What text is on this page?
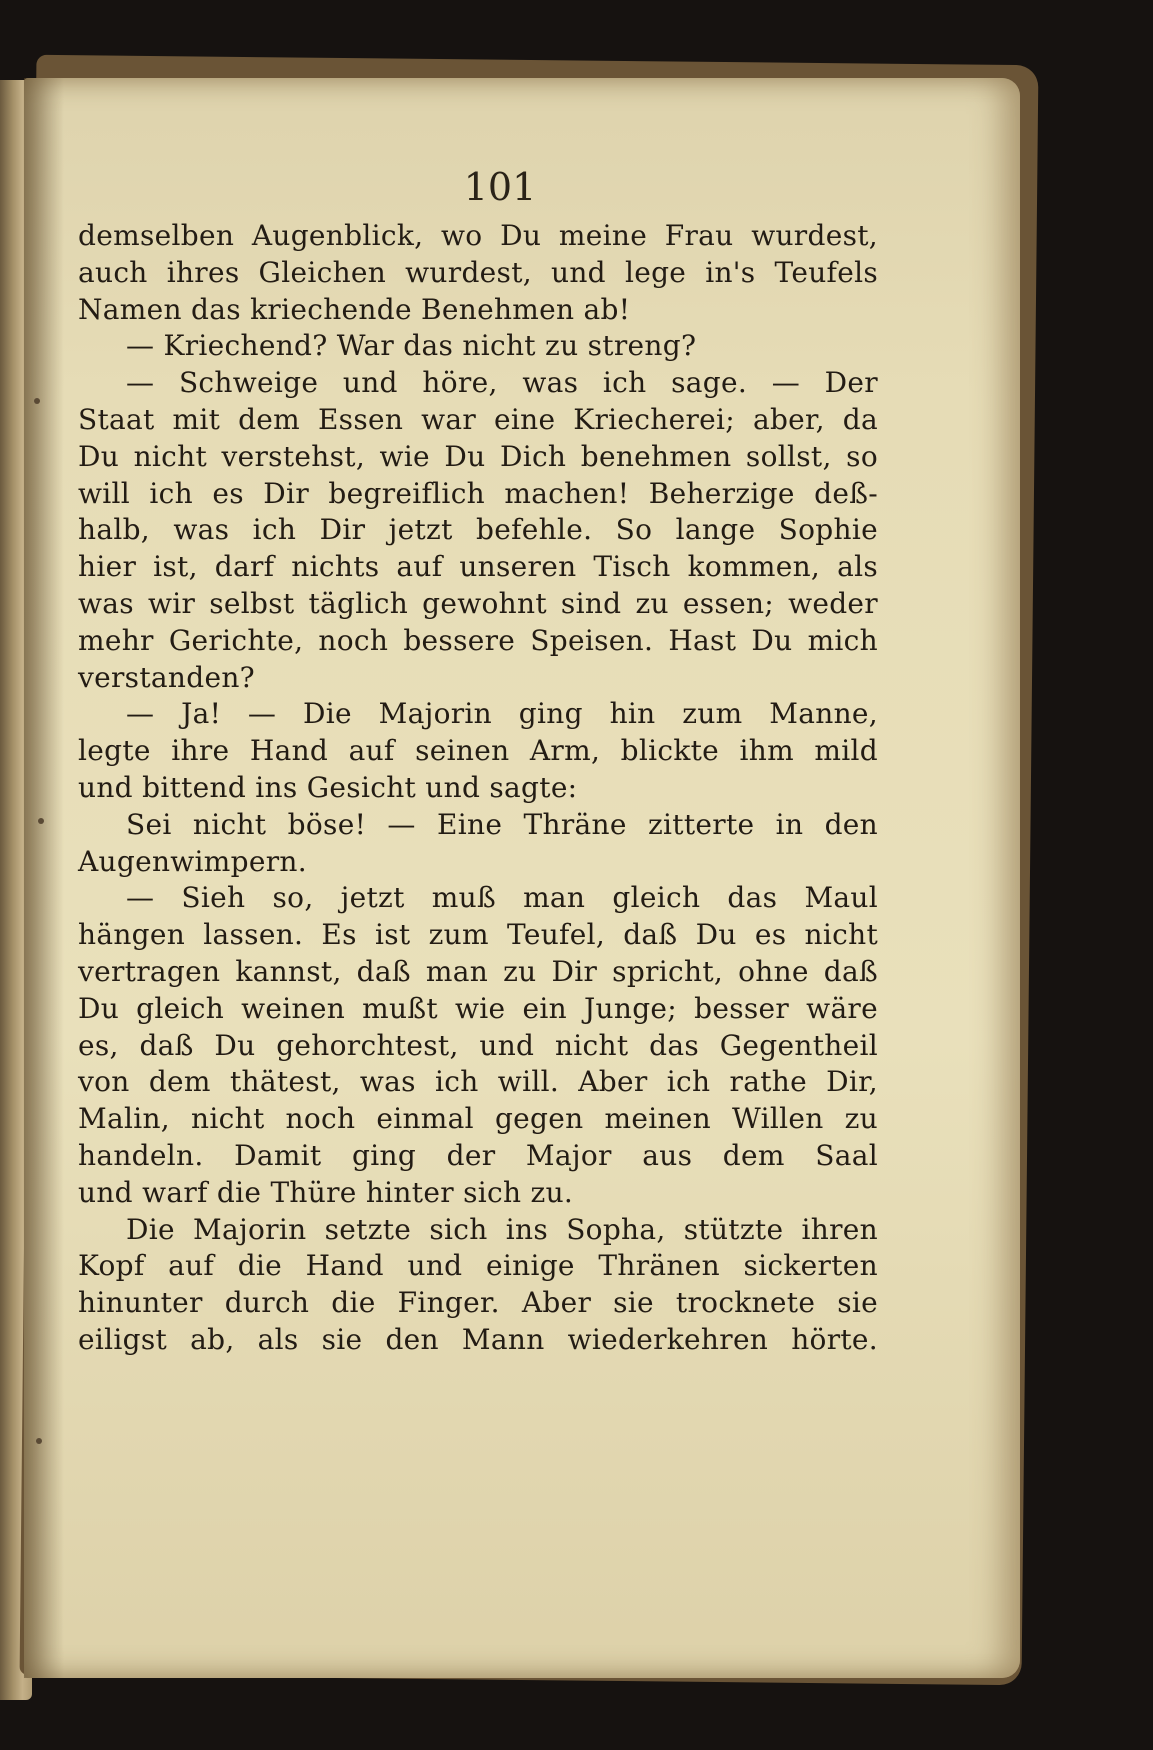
101
demselben Augenblick, wo Du meine Frau wurdest,
auch ihres Gleichen wurdest, und lege in's Teufels
Namen das kriechende Benehmen ab!
— Kriechend? War das nicht zu streng?
— Schweige und höre, was ich sage. — Der
Staat mit dem Essen war eine Kriecherei; aber, da
Du nicht verstehst, wie Du Dich benehmen sollst, so
will ich es Dir begreiflich machen! Beherzige deß-
halb, was ich Dir jetzt befehle. So lange Sophie
hier ist, darf nichts auf unseren Tisch kommen, als
was wir selbst täglich gewohnt sind zu essen; weder
mehr Gerichte, noch bessere Speisen. Hast Du mich
verstanden?
— Ja! — Die Majorin ging hin zum Manne,
legte ihre Hand auf seinen Arm, blickte ihm mild
und bittend ins Gesicht und sagte:
Sei nicht böse! — Eine Thräne zitterte in den
Augenwimpern.
— Sieh so, jetzt muß man gleich das Maul
hängen lassen. Es ist zum Teufel, daß Du es nicht
vertragen kannst, daß man zu Dir spricht, ohne daß
Du gleich weinen mußt wie ein Junge; besser wäre
es, daß Du gehorchtest, und nicht das Gegentheil
von dem thätest, was ich will. Aber ich rathe Dir,
Malin, nicht noch einmal gegen meinen Willen zu
handeln. Damit ging der Major aus dem Saal
und warf die Thüre hinter sich zu.
Die Majorin setzte sich ins Sopha, stützte ihren
Kopf auf die Hand und einige Thränen sickerten
hinunter durch die Finger. Aber sie trocknete sie
eiligst ab, als sie den Mann wiederkehren hörte.
